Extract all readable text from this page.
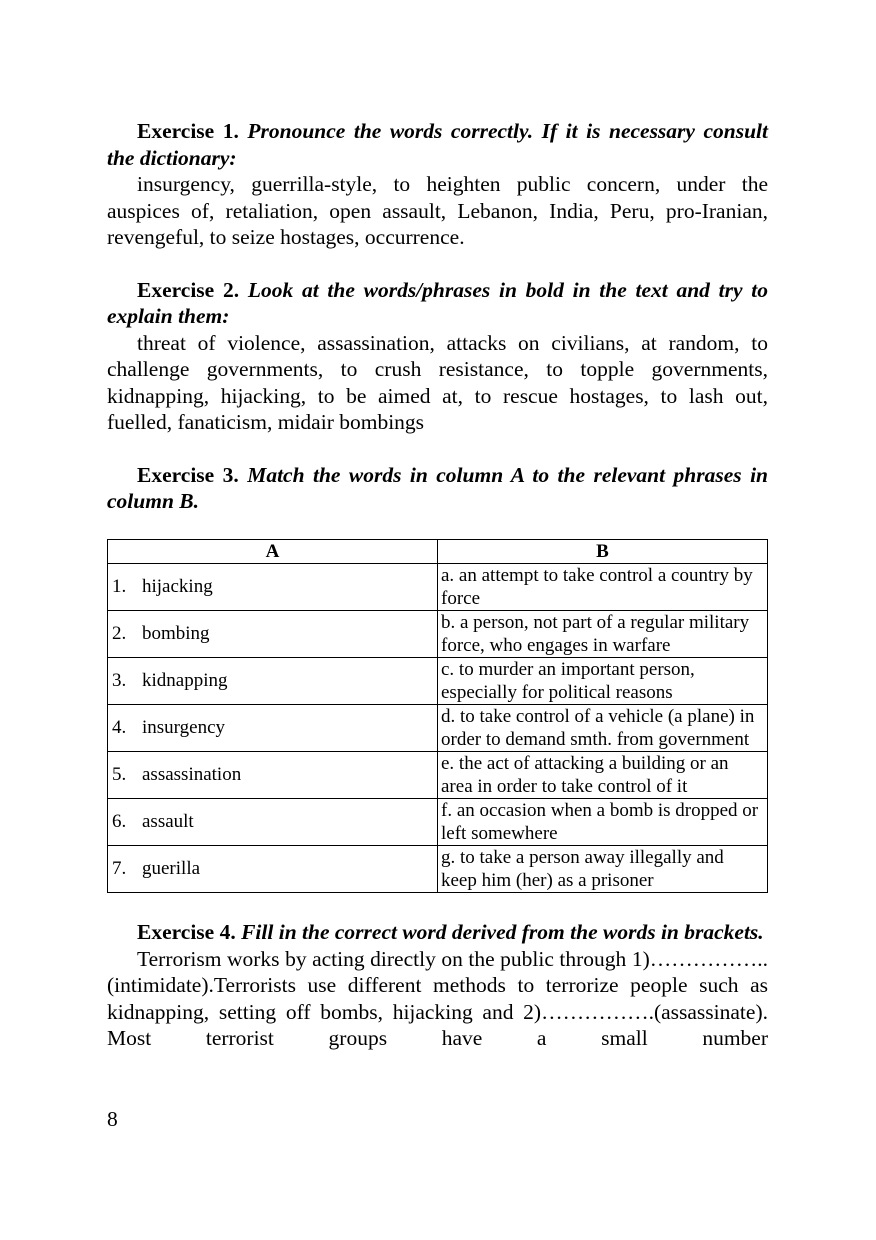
Exercise 1. Pronounce the words correctly. If it is necessary consult the dictionary:

insurgency, guerrilla-style, to heighten public concern, under the auspices of, retaliation, open assault, Lebanon, India, Peru, pro-Iranian, revengeful, to seize hostages, occurrence.

Exercise 2. Look at the words/phrases in bold in the text and try to explain them:

threat of violence, assassination, attacks on civilians, at random, to challenge governments, to crush resistance, to topple governments, kidnapping, hijacking, to be aimed at, to rescue hostages, to lash out, fuelled, fanaticism, midair bombings

Exercise 3. Match the words in column A to the relevant phrases in column B.

A	B
1. hijacking	a. an attempt to take control a country by force
2. bombing	b. a person, not part of a regular military force, who engages in warfare
3. kidnapping	c. to murder an important person, especially for political reasons
4. insurgency	d. to take control of a vehicle (a plane) in order to demand smth. from government
5. assassination	e. the act of attacking a building or an area in order to take control of it
6. assault	f. an occasion when a bomb is dropped or left somewhere
7. guerilla	g. to take a person away illegally and keep him (her) as a prisoner

Exercise 4. Fill in the correct word derived from the words in brackets.

Terrorism works by acting directly on the public through 1)……………..(intimidate).Terrorists use different methods to terrorize people such as kidnapping, setting off bombs, hijacking and 2)…………….(assassinate). Most terrorist groups have a small number

8
